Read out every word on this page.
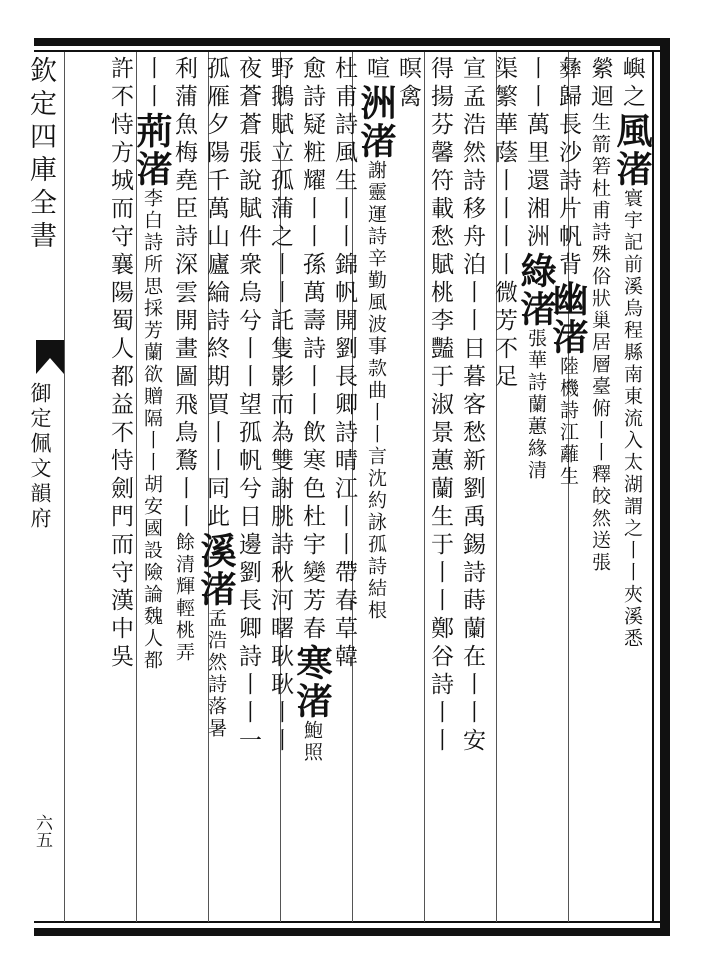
欽定四庫全書
御定佩文韻府
六五
嶼之風渚寰宇記前溪烏程縣南東流入太湖謂之丨丨夾溪悉
縈迴生箭箬杜甫詩殊俗狀巢居層臺俯丨丨釋皎然送張
彝歸長沙詩片帆背幽渚陸機詩江蘺生
丨丨萬里還湘洲綠渚張華詩蘭蕙緣清
渠繁華蔭丨丨丨丨微芳不足
宣孟浩然詩移舟泊丨丨日暮客愁新劉禹錫詩蒔蘭在丨丨安
得揚芬馨符載愁賦桃李豔于淑景蕙蘭生于丨丨鄭谷詩丨丨
暝禽
喧洲渚謝靈運詩辛勤風波事款曲丨丨言沈約詠孤詩結根
杜甫詩風生丨丨錦帆開劉長卿詩晴江丨丨帶春草韓
愈詩疑粧耀丨丨孫萬壽詩丨丨飲寒色杜宇變芳春寒渚鮑照
野鵝賦立孤蒲之丨丨託隻影而為雙謝朓詩秋河曙耿耿丨丨
夜蒼蒼張說賦件衆烏兮丨丨望孤帆兮日邊劉長卿詩丨丨一
孤雁夕陽千萬山廬綸詩終期買丨丨同此溪渚孟浩然詩落暑
利蒲魚梅堯臣詩深雲開畫圖飛鳥鶩丨丨餘清輝輕桃弄
丨丨荊渚李白詩所思採芳蘭欲贈隔丨丨胡安國設險論魏人都
許不恃方城而守襄陽蜀人都益不恃劍門而守漢中吳
